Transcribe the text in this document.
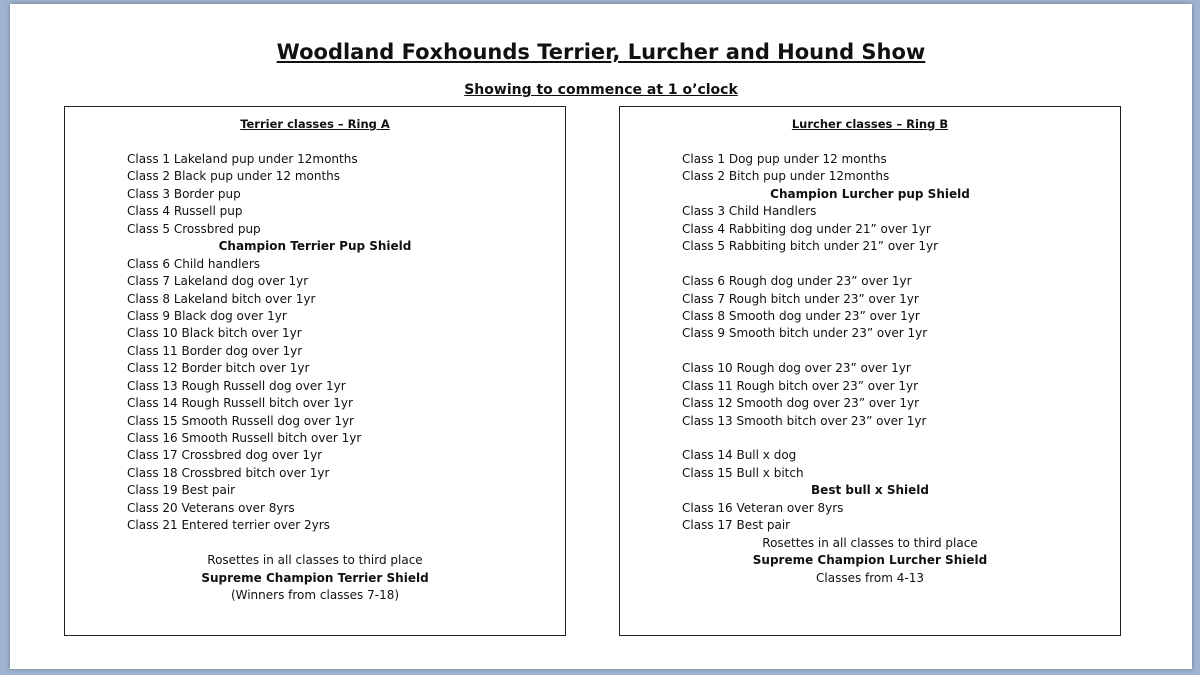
Woodland Foxhounds Terrier, Lurcher and Hound Show
Showing to commence at 1 o’clock
Terrier classes – Ring A
Class 1 Lakeland pup under 12months
Class 2 Black pup under 12 months
Class 3 Border pup
Class 4 Russell pup
Class 5 Crossbred pup
Champion Terrier Pup Shield
Class 6 Child handlers
Class 7 Lakeland dog over 1yr
Class 8 Lakeland bitch over 1yr
Class 9 Black dog over 1yr
Class 10 Black bitch over 1yr
Class 11 Border dog over 1yr
Class 12 Border bitch over 1yr
Class 13 Rough Russell dog over 1yr
Class 14 Rough Russell bitch over 1yr
Class 15 Smooth Russell dog over 1yr
Class 16 Smooth Russell bitch over 1yr
Class 17 Crossbred dog over 1yr
Class 18 Crossbred bitch over 1yr
Class 19 Best pair
Class 20 Veterans over 8yrs
Class 21 Entered terrier over 2yrs
Rosettes in all classes to third place
Supreme Champion Terrier Shield
(Winners from classes 7-18)
Lurcher classes – Ring B
Class 1 Dog pup under 12 months
Class 2 Bitch pup under 12months
Champion Lurcher pup Shield
Class 3 Child Handlers
Class 4 Rabbiting dog under 21” over 1yr
Class 5 Rabbiting bitch under 21” over 1yr
Class 6 Rough dog under 23” over 1yr
Class 7 Rough bitch under 23” over 1yr
Class 8 Smooth dog under 23” over 1yr
Class 9 Smooth bitch under 23” over 1yr
Class 10 Rough dog over 23” over 1yr
Class 11 Rough bitch over 23” over 1yr
Class 12 Smooth dog over 23” over 1yr
Class 13 Smooth bitch over 23” over 1yr
Class 14 Bull x dog
Class 15 Bull x bitch
Best bull x Shield
Class 16 Veteran over 8yrs
Class 17 Best pair
Rosettes in all classes to third place
Supreme Champion Lurcher Shield
Classes from 4-13
